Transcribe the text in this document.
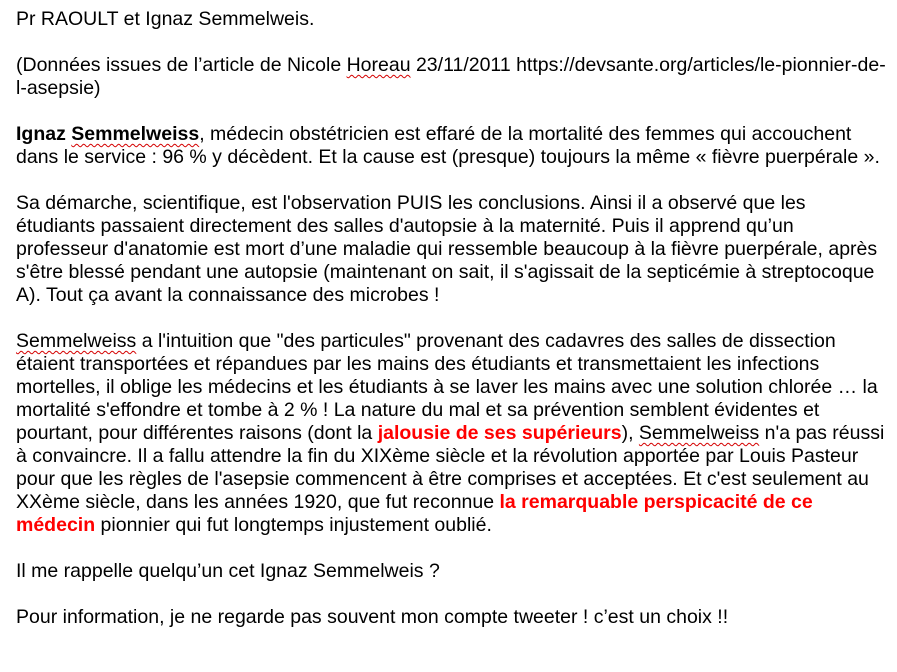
Pr RAOULT et Ignaz Semmelweis.

(Données issues de l’article de Nicole Horeau 23/11/2011 https://devsante.org/articles/le-pionnier-de-l-asepsie)

Ignaz Semmelweiss, médecin obstétricien est effaré de la mortalité des femmes qui accouchent dans le service : 96 % y décèdent. Et la cause est (presque) toujours la même « fièvre puerpérale ».

Sa démarche, scientifique, est l'observation PUIS les conclusions. Ainsi il a observé que les étudiants passaient directement des salles d'autopsie à la maternité. Puis il apprend qu’un professeur d'anatomie est mort d’une maladie qui ressemble beaucoup à la fièvre puerpérale, après s'être blessé pendant une autopsie (maintenant on sait, il s'agissait de la septicémie à streptocoque A). Tout ça avant la connaissance des microbes !

Semmelweiss a l'intuition que "des particules" provenant des cadavres des salles de dissection étaient transportées et répandues par les mains des étudiants et transmettaient les infections mortelles, il oblige les médecins et les étudiants à se laver les mains avec une solution chlorée … la mortalité s'effondre et tombe à 2 % ! La nature du mal et sa prévention semblent évidentes et pourtant, pour différentes raisons (dont la jalousie de ses supérieurs), Semmelweiss n'a pas réussi à convaincre. Il a fallu attendre la fin du XIXème siècle et la révolution apportée par Louis Pasteur pour que les règles de l'asepsie commencent à être comprises et acceptées. Et c'est seulement au XXème siècle, dans les années 1920, que fut reconnue la remarquable perspicacité de ce médecin pionnier qui fut longtemps injustement oublié.

Il me rappelle quelqu’un cet Ignaz Semmelweis ?

Pour information, je ne regarde pas souvent mon compte tweeter ! c’est un choix !!
